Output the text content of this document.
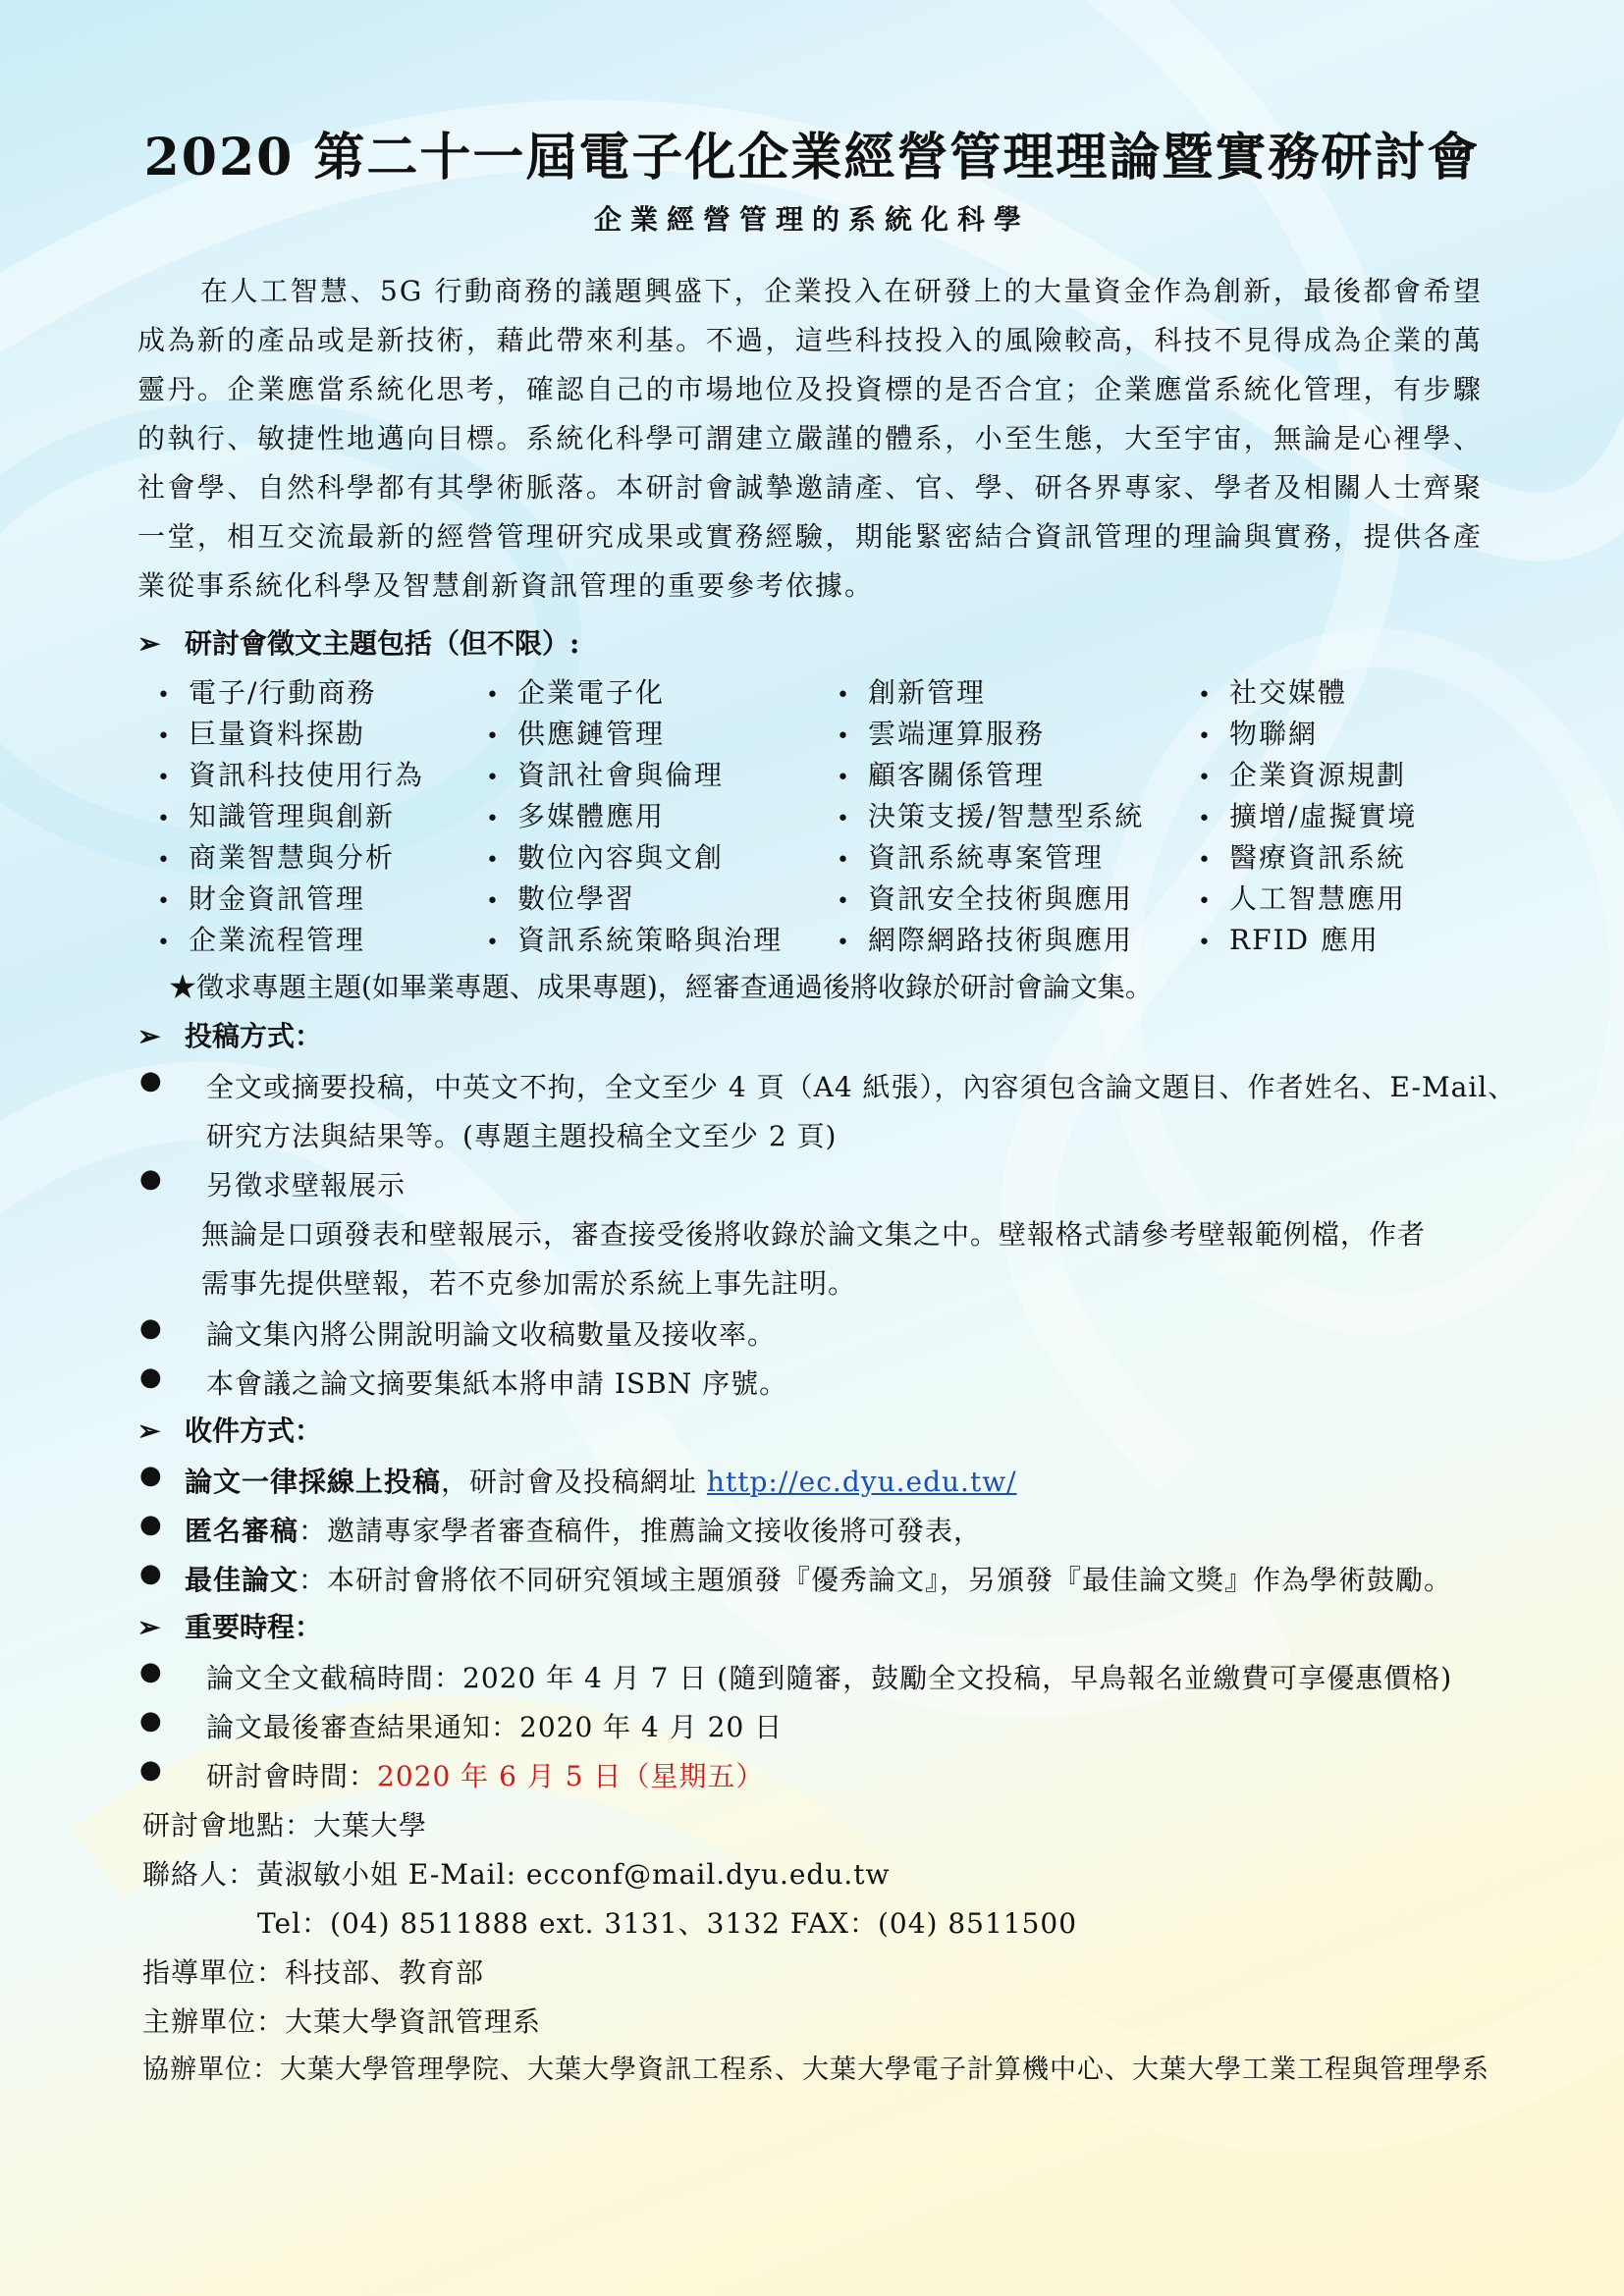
2020 第二十一屆電子化企業經營管理理論暨實務研討會
企業經營管理的系統化科學

在人工智慧、5G 行動商務的議題興盛下，企業投入在研發上的大量資金作為創新，最後都會希望成為新的產品或是新技術，藉此帶來利基。不過，這些科技投入的風險較高，科技不見得成為企業的萬靈丹。企業應當系統化思考，確認自己的市場地位及投資標的是否合宜；企業應當系統化管理，有步驟的執行、敏捷性地邁向目標。系統化科學可謂建立嚴謹的體系，小至生態，大至宇宙，無論是心裡學、社會學、自然科學都有其學術脈落。本研討會誠摯邀請產、官、學、研各界專家、學者及相關人士齊聚一堂，相互交流最新的經營管理研究成果或實務經驗，期能緊密結合資訊管理的理論與實務，提供各產業從事系統化科學及智慧創新資訊管理的重要參考依據。

➢ 研討會徵文主題包括（但不限）:
• 電子/行動商務	• 企業電子化	• 創新管理	• 社交媒體
• 巨量資料探勘	• 供應鏈管理	• 雲端運算服務	• 物聯網
• 資訊科技使用行為	• 資訊社會與倫理	• 顧客關係管理	• 企業資源規劃
• 知識管理與創新	• 多媒體應用	• 決策支援/智慧型系統 • 擴增/虛擬實境
• 商業智慧與分析	• 數位內容與文創	• 資訊系統專案管理	• 醫療資訊系統
• 財金資訊管理	• 數位學習	• 資訊安全技術與應用	• 人工智慧應用
• 企業流程管理	• 資訊系統策略與治理 • 網際網路技術與應用	• RFID 應用
★徵求專題主題(如畢業專題、成果專題)，經審查通過後將收錄於研討會論文集。
➢ 投稿方式：
● 全文或摘要投稿，中英文不拘，全文至少 4 頁（A4 紙張），內容須包含論文題目、作者姓名、E-Mail、
研究方法與結果等。(專題主題投稿全文至少 2 頁)
● 另徵求壁報展示
無論是口頭發表和壁報展示，審查接受後將收錄於論文集之中。壁報格式請參考壁報範例檔，作者
需事先提供壁報，若不克參加需於系統上事先註明。
● 論文集內將公開說明論文收稿數量及接收率。
● 本會議之論文摘要集紙本將申請 ISBN 序號。
➢ 收件方式：
● 論文一律採線上投稿，研討會及投稿網址 http://ec.dyu.edu.tw/
● 匿名審稿：邀請專家學者審查稿件，推薦論文接收後將可發表，
● 最佳論文：本研討會將依不同研究領域主題頒發『優秀論文』，另頒發『最佳論文獎』作為學術鼓勵。
➢ 重要時程：
● 論文全文截稿時間：2020 年 4 月 7 日 (隨到隨審，鼓勵全文投稿，早鳥報名並繳費可享優惠價格)
● 論文最後審查結果通知：2020 年 4 月 20 日
● 研討會時間：2020 年 6 月 5 日（星期五）
研討會地點：大葉大學
聯絡人：黃淑敏小姐 E-Mail: ecconf@mail.dyu.edu.tw
Tel：(04) 8511888 ext. 3131、3132 FAX：(04) 8511500
指導單位：科技部、教育部
主辦單位：大葉大學資訊管理系
協辦單位：大葉大學管理學院、大葉大學資訊工程系、大葉大學電子計算機中心、大葉大學工業工程與管理學系
